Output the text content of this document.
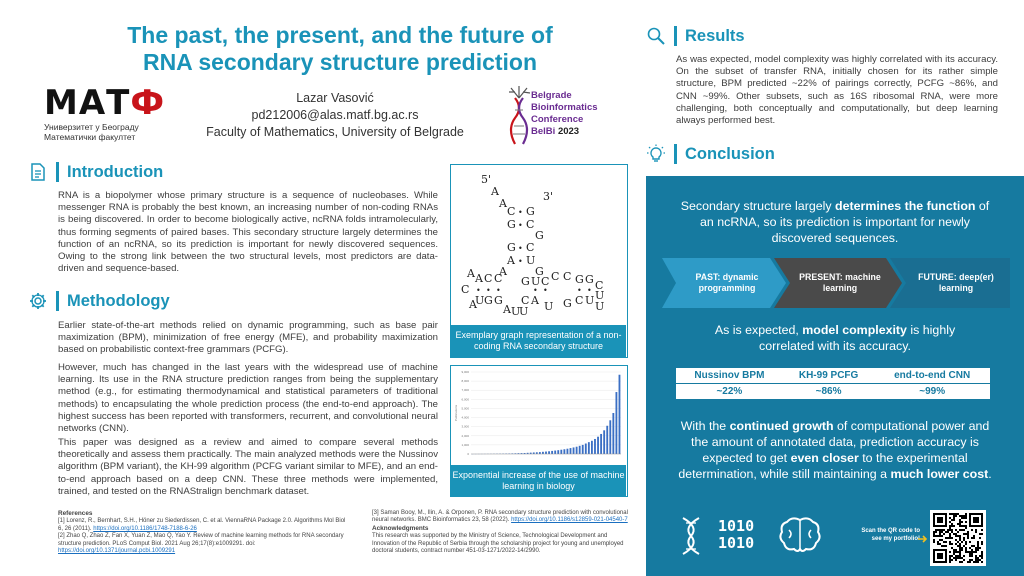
The past, the present, and the future of
RNA secondary structure prediction
МАТФ
Универзитет у Београду
Математички факултет
Lazar Vasović
pd212006@alas.matf.bg.ac.rs
Faculty of Mathematics, University of Belgrade
Belgrade
Bioinformatics
Conference
BelBi 2023
Introduction
RNA is a biopolymer whose primary structure is a sequence of nucleobases. While messenger RNA is probably the best known, an increasing number of non-coding RNAs is being discovered. In order to become biologically active, ncRNA folds intramolecularly, thus forming segments of paired bases. This secondary structure largely determines the function of an ncRNA, so its prediction is important for newly discovered sequences. Owing to the strong link between the two structural levels, most predictors are data-driven and sequence-based.
Methodology
Earlier state-of-the-art methods relied on dynamic programming, such as base pair maximization (BPM), minimization of free energy (MFE), and probability maximization based on probabilistic context-free grammars (PCFG).
However, much has changed in the last years with the widespread use of machine learning. Its use in the RNA structure prediction ranges from being the supplementary method (e.g., for estimating thermodynamical and statistical parameters of traditional methods) to encapsulating the whole prediction process (the end-to-end approach). The highest success has been reported with transformers, recurrent, and convolutional neural networks (CNN).
This paper was designed as a review and aimed to compare several methods theoretically and assess them practically. The main analyzed methods were the Nussinov algorithm (BPM variant), the KH-99 algorithm (PCFG variant similar to MFE), and an end-to-end approach based on a deep CNN. These three methods were implemented, trained, and tested on the RNAStralign benchmark dataset.
5'
A
A
3'
C • G
G • C
G
G • C
A • U
A	G
A A C C G U C C C G G C
C • • •	• •	• • U
A
U G G C A U
A U
U
G C U U
Exemplary graph representation of a non-coding RNA secondary structure
0
1,000
2,000
3,000
4,000
5,000
6,000
7,000
8,000
9,000
Publications
Exponential increase of the use of machine learning in biology
References
[1] Lorenz, R., Bernhart, S.H., Höner zu Siederdissen, C. et al. ViennaRNA Package 2.0. Algorithms Mol Biol 6, 26 (2011). https://doi.org/10.1186/1748-7188-6-26
[2] Zhao Q, Zhao Z, Fan X, Yuan Z, Mao Q, Yao Y. Review of machine learning methods for RNA secondary structure prediction. PLoS Comput Biol. 2021 Aug 26;17(8):e1009291. doi: https://doi.org/10.1371/journal.pcbi.1009291
[3] Saman Booy, M., Ilin, A. & Orponen, P. RNA secondary structure prediction with convolutional neural networks. BMC Bioinformatics 23, 58 (2022). https://doi.org/10.1186/s12859-021-04540-7
Acknowledgments
This research was supported by the Ministry of Science, Technological Development and Innovation of the Republic of Serbia through the scholarship project for young and unemployed doctoral students, contract number 451-03-1271/2022-14/2990.
Results
As was expected, model complexity was highly correlated with its accuracy. On the subset of transfer RNA, initially chosen for its rather simple structure, BPM predicted ~22% of pairings correctly, PCFG ~86%, and CNN ~99%. Other subsets, such as 16S ribosomal RNA, were more challenging, both conceptually and computationally, but deep learning always performed best.
Conclusion
Secondary structure largely determines the function of an ncRNA, so its prediction is important for newly discovered sequences.
PAST: dynamic programming
PRESENT: machine learning
FUTURE: deep(er) learning
As is expected, model complexity is highly correlated with its accuracy.
Nussinov BPM	KH-99 PCFG	end-to-end CNN
~22%	~86%	~99%
With the continued growth of computational power and the amount of annotated data, prediction accuracy is expected to get even closer to the experimental determination, while still maintaining a much lower cost.
1010
1010
Scan the QR code to see my portfolio!
